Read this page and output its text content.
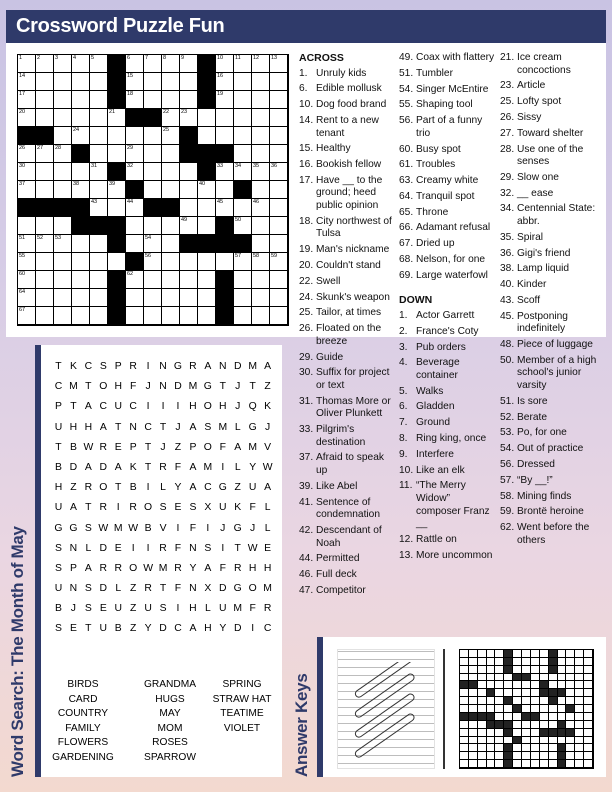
Crossword Puzzle Fun
1	2	3	4	5	6	7	8	9	10 11 12 13
14	15	16
17	18	19
20	21	22 23
24	25
26 27 28	29
30	31	32	33 34 35 36
37	38	39	40	41
42	43	44	45	46
47	48	49	50
51 52 53	54
55	56	57 58 59
60	61 62	63
64	65	66
67	68	69
ACROSS
1. Unruly kids
6. Edible mollusk
10. Dog food brand
14. Rent to a new tenant
15. Healthy
16. Bookish fellow
17. Have __ to the ground; heed public opinion
18. City northwest of Tulsa
19. Man's nickname
20. Couldn't stand
22. Swell
24. Skunk's weapon
25. Tailor, at times
26. Floated on the breeze
29. Guide
30. Suffix for project or text
31. Thomas More or Oliver Plunkett
33. Pilgrim's destination
37. Afraid to speak up
39. Like Abel
41. Sentence of condemnation
42. Descendant of Noah
44. Permitted
46. Full deck
47. Competitor
49. Coax with flattery
51. Tumbler
54. Singer McEntire
55. Shaping tool
56. Part of a funny trio
60. Busy spot
61. Troubles
63. Creamy white
64. Tranquil spot
65. Throne
66. Adamant refusal
67. Dried up
68. Nelson, for one
69. Large waterfowl
DOWN
1. Actor Garrett
2. France's Coty
3. Pub orders
4. Beverage container
5. Walks
6. Gladden
7. Ground
8. Ring king, once
9. Interfere
10. Like an elk
11. “The Merry Widow” composer Franz __
12. Rattle on
13. More uncommon
21. Ice cream concoctions
23. Article
25. Lofty spot
26. Sissy
27. Toward shelter
28. Use one of the senses
29. Slow one
32. __ ease
34. Centennial State: abbr.
35. Spiral
36. Gigi's friend
38. Lamp liquid
40. Kinder
43. Scoff
45. Postponing indefinitely
48. Piece of luggage
50. Member of a high school's junior varsity
51. Is sore
52. Berate
53. Po, for one
54. Out of practice
56. Dressed
57. “By __!”
58. Mining finds
59. Brontë heroine
62. Went before the others
Word Search: The Month of May
T K C S P R I N G R A N D M A
C M T O H F J N D M G T J T Z
P T A C U C I	I	I H O H J Q K
U H H A T N C T J A S M L G J
T B W R E P T J Z P O F A M V
B D A D A K T R F A M I	L Y W
H Z R O T B I	L Y A C G Z U A
U A T R I R O S E S X U K F L
G G S W M W B V I F I	J G J L
S N L D E I	I R F N S I T W E
S P A R R O W M R Y A F R H H
U N S D L Z R T F N X D G O M
B J S E U Z U S I H L U M F R
S E T U B Z Y D C A H Y D I C
BIRDS
CARD
COUNTRY
FAMILY
FLOWERS
GARDENING
GRANDMA
HUGS
MAY
MOM
ROSES
SPARROW
SPRING
STRAW HAT
TEATIME
VIOLET	Answer Keys
